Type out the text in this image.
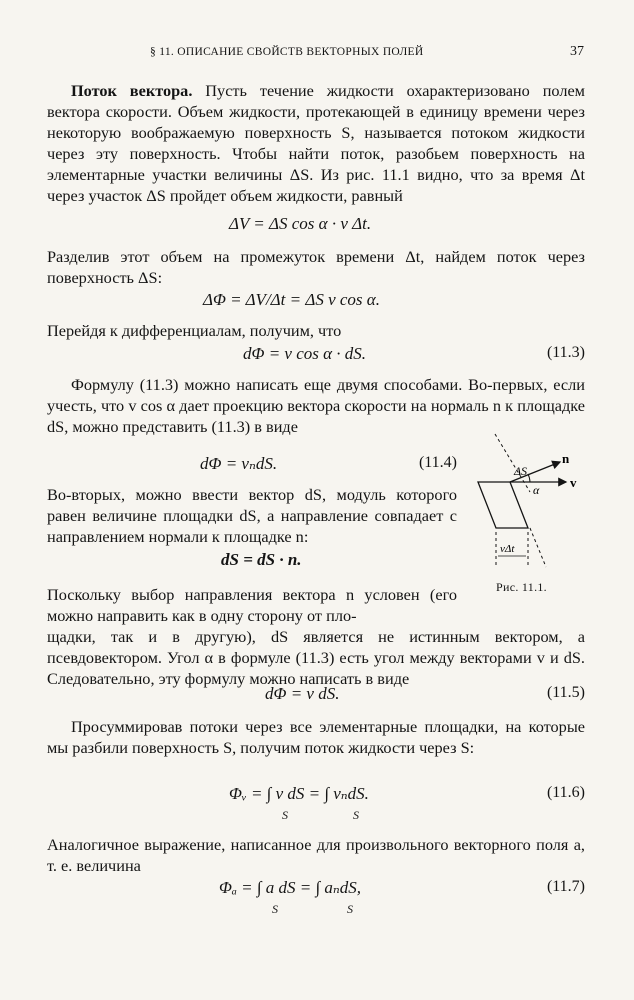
§ 11. ОПИСАНИЕ СВОЙСТВ ВЕКТОРНЫХ ПОЛЕЙ	37
Поток вектора. Пусть течение жидкости охарактеризовано полем вектора скорости. Объем жидкости, протекающей в единицу времени через некоторую воображаемую поверхность S, называется потоком жидкости через эту поверхность. Чтобы найти поток, разобьем поверхность на элементарные участки величины ΔS. Из рис. 11.1 видно, что за время Δt через участок ΔS пройдет объем жидкости, равный
ΔV = ΔS cos α · v Δt.
Разделив этот объем на промежуток времени Δt, найдем поток через поверхность ΔS:
ΔΦ = ΔV/Δt = ΔS v cos α.
Перейдя к дифференциалам, получим, что
dΦ = v cos α · dS.	(11.3)
Формулу (11.3) можно написать еще двумя способами. Во-первых, если учесть, что v cos α дает проекцию вектора скорости на нормаль n к площадке dS, можно представить (11.3) в виде
dΦ = vₙdS.	(11.4)
Во-вторых, можно ввести вектор dS, модуль которого равен величине площадки dS, а направление совпадает с направлением нормали к площадке n:
dS = dS · n.
Поскольку выбор направления вектора n условен (его можно направить как в одну сторону от пло-
щадки, так и в другую), dS является не истинным вектором, а псевдовектором. Угол α в формуле (11.3) есть угол между векторами v и dS. Следовательно, эту формулу можно написать в виде
dΦ = v dS.	(11.5)
Просуммировав потоки через все элементарные площадки, на которые мы разбили поверхность S, получим поток жидкости через S:
Φᵥ = ∫ v dS = ∫ vₙdS.
S	S
(11.6)
Аналогичное выражение, написанное для произвольного векторного поля a, т. е. величина
Φₐ = ∫ a dS = ∫ aₙdS,
S	S
(11.7)
ΔS
n
v
α
vΔt
Рис. 11.1.
